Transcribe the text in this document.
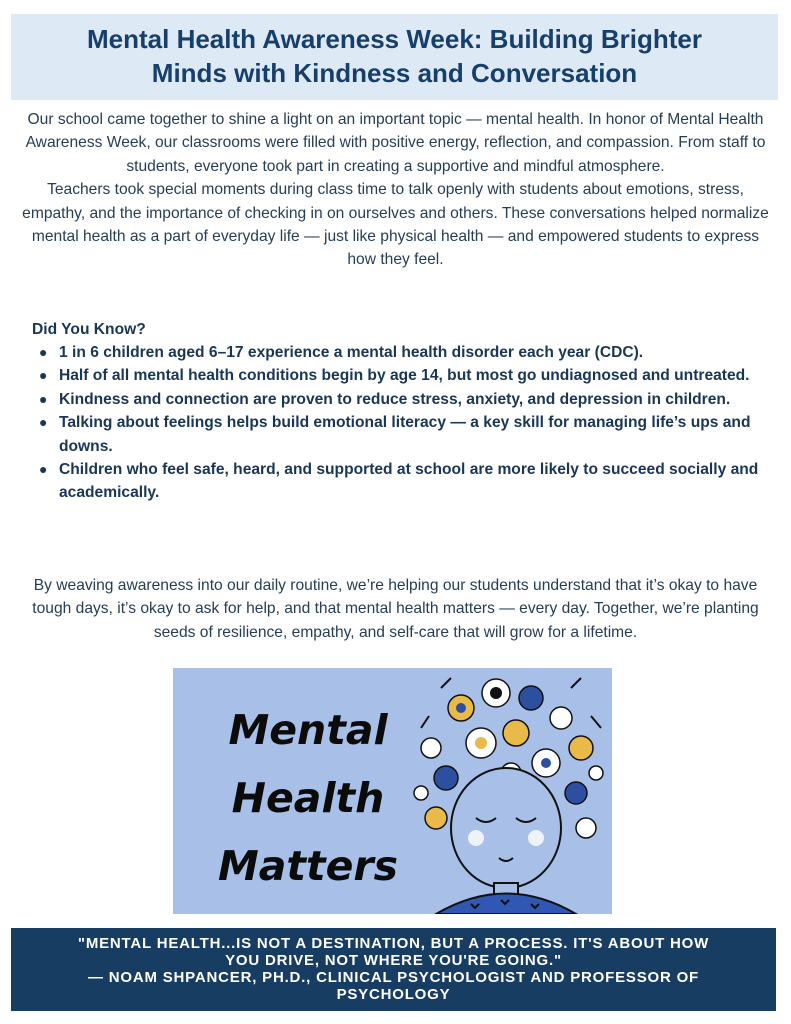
Mental Health Awareness Week: Building Brighter
Minds with Kindness and Conversation

Our school came together to shine a light on an important topic — mental health. In honor of Mental Health Awareness Week, our classrooms were filled with positive energy, reflection, and compassion. From staff to students, everyone took part in creating a supportive and mindful atmosphere.

Teachers took special moments during class time to talk openly with students about emotions, stress, empathy, and the importance of checking in on ourselves and others. These conversations helped normalize mental health as a part of everyday life — just like physical health — and empowered students to express how they feel.

Did You Know?
● 1 in 6 children aged 6–17 experience a mental health disorder each year (CDC).
● Half of all mental health conditions begin by age 14, but most go undiagnosed and untreated.
● Kindness and connection are proven to reduce stress, anxiety, and depression in children.
● Talking about feelings helps build emotional literacy — a key skill for managing life’s ups and downs.
● Children who feel safe, heard, and supported at school are more likely to succeed socially and academically.

By weaving awareness into our daily routine, we’re helping our students understand that it’s okay to have tough days, it’s okay to ask for help, and that mental health matters — every day. Together, we’re planting seeds of resilience, empathy, and self-care that will grow for a lifetime.

Mental
Health
Matters

"MENTAL HEALTH...IS NOT A DESTINATION, BUT A PROCESS. IT'S ABOUT HOW
YOU DRIVE, NOT WHERE YOU'RE GOING."
— NOAM SHPANCER, PH.D., CLINICAL PSYCHOLOGIST AND PROFESSOR OF
PSYCHOLOGY
